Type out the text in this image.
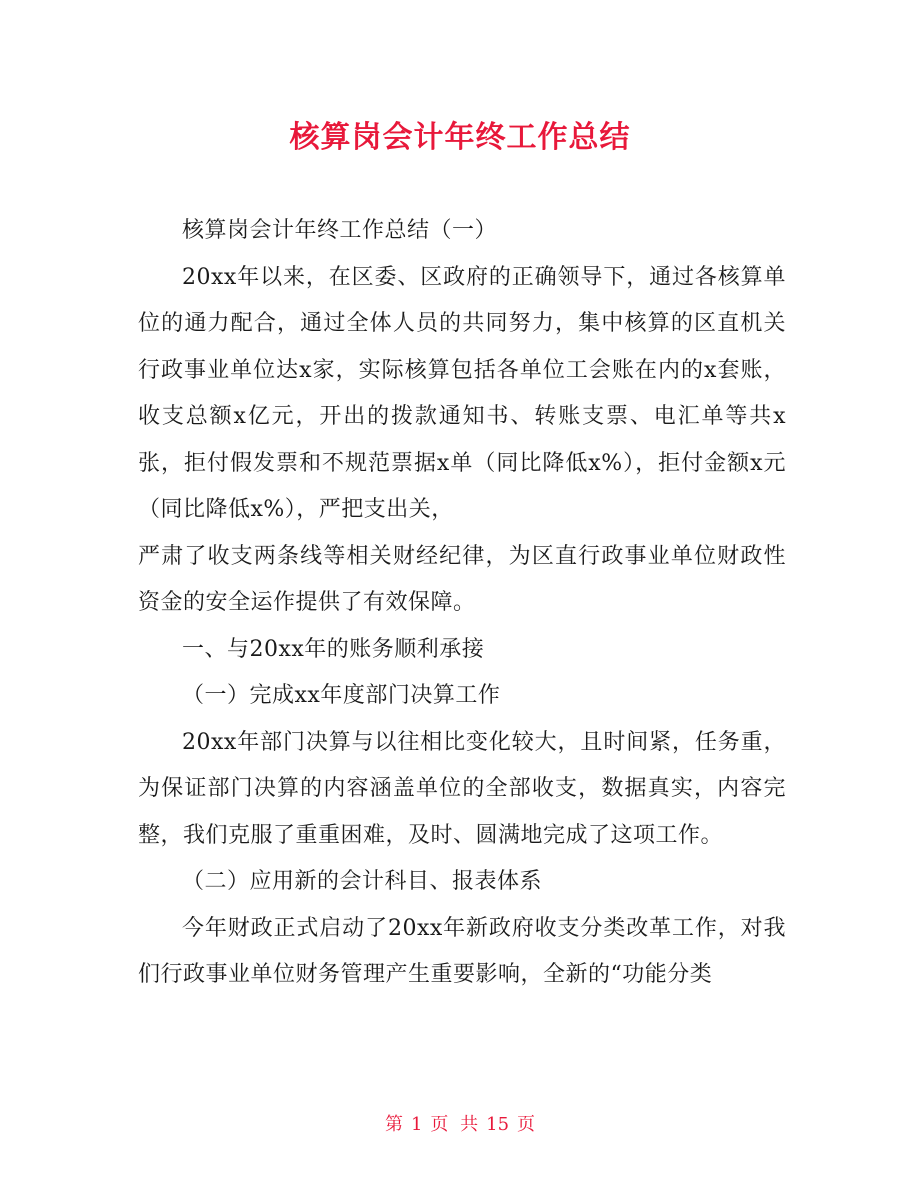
核算岗会计年终工作总结

核算岗会计年终工作总结（一）

20xx年以来，在区委、区政府的正确领导下，通过各核算单位的通力配合，通过全体人员的共同努力，集中核算的区直机关行政事业单位达x家，实际核算包括各单位工会账在内的x套账，收支总额x亿元，开出的拨款通知书、转账支票、电汇单等共x张，拒付假发票和不规范票据x单（同比降低x%），拒付金额x元（同比降低x%），严把支出关，

严肃了收支两条线等相关财经纪律，为区直行政事业单位财政性资金的安全运作提供了有效保障。

一、与20xx年的账务顺利承接

（一）完成xx年度部门决算工作

20xx年部门决算与以往相比变化较大，且时间紧，任务重，为保证部门决算的内容涵盖单位的全部收支，数据真实，内容完整，我们克服了重重困难，及时、圆满地完成了这项工作。

（二）应用新的会计科目、报表体系

今年财政正式启动了20xx年新政府收支分类改革工作，对我们行政事业单位财务管理产生重要影响，全新的“功能分类

第 1 页 共 15 页
